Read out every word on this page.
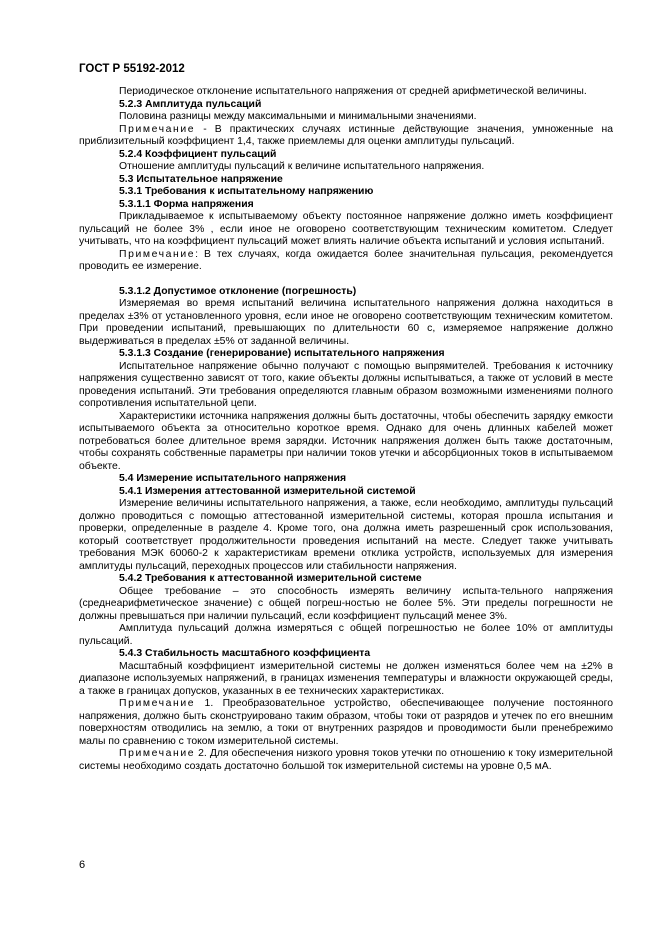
ГОСТ Р 55192-2012

Периодическое отклонение испытательного напряжения от средней арифметической величины.

5.2.3 Амплитуда пульсаций

Половина разницы между максимальными и минимальными значениями.

Примечание - В практических случаях истинные действующие значения, умноженные на приблизительный коэффициент 1,4, также приемлемы для оценки амплитуды пульсаций.

5.2.4 Коэффициент пульсаций

Отношение амплитуды пульсаций к величине испытательного напряжения.

5.3 Испытательное напряжение

5.3.1 Требования к испытательному напряжению

5.3.1.1 Форма напряжения

Прикладываемое к испытываемому объекту постоянное напряжение должно иметь коэффициент пульсаций не более 3% , если иное не оговорено соответствующим техническим комитетом. Следует учитывать, что на коэффициент пульсаций может влиять наличие объекта испытаний и условия испытаний.

Примечание: В тех случаях, когда ожидается более значительная пульсация, рекомендуется проводить ее измерение.

5.3.1.2 Допустимое отклонение (погрешность)

Измеряемая во время испытаний величина испытательного напряжения должна находиться в пределах ±3% от установленного уровня, если иное не оговорено соответствующим техническим комитетом. При проведении испытаний, превышающих по длительности 60 с, измеряемое напряжение должно выдерживаться в пределах ±5% от заданной величины.

5.3.1.3 Создание (генерирование) испытательного напряжения

Испытательное напряжение обычно получают с помощью выпрямителей. Требования к источнику напряжения существенно зависят от того, какие объекты должны испытываться, а также от условий в месте проведения испытаний. Эти требования определяются главным образом возможными изменениями полного сопротивления испытательной цепи.

Характеристики источника напряжения должны быть достаточны, чтобы обеспечить зарядку емкости испытываемого объекта за относительно короткое время. Однако для очень длинных кабелей может потребоваться более длительное время зарядки. Источник напряжения должен быть также достаточным, чтобы сохранять собственные параметры при наличии токов утечки и абсорбционных токов в испытываемом объекте.

5.4 Измерение испытательного напряжения

5.4.1 Измерения аттестованной измерительной системой

Измерение величины испытательного напряжения, а также, если необходимо, амплитуды пульсаций должно проводиться с помощью аттестованной измерительной системы, которая прошла испытания и проверки, определенные в разделе 4. Кроме того, она должна иметь разрешенный срок использования, который соответствует продолжительности проведения испытаний на месте. Следует также учитывать требования МЭК 60060-2 к характеристикам времени отклика устройств, используемых для измерения амплитуды пульсаций, переходных процессов или стабильности напряжения.

5.4.2 Требования к аттестованной измерительной системе

Общее требование – это способность измерять величину испыта-тельного напряжения (среднеарифметическое значение) с общей погреш-ностью не более 5%. Эти пределы погрешности не должны превышаться при наличии пульсаций, если коэффициент пульсаций менее 3%.

Амплитуда пульсаций должна измеряться с общей погрешностью не более 10% от амплитуды пульсаций.

5.4.3 Стабильность масштабного коэффициента

Масштабный коэффициент измерительной системы не должен изменяться более чем на ±2% в диапазоне используемых напряжений, в границах изменения температуры и влажности окружающей среды, а также в границах допусков, указанных в ее технических характеристиках.

Примечание 1. Преобразовательное устройство, обеспечивающее получение постоянного напряжения, должно быть сконструировано таким образом, чтобы токи от разрядов и утечек по его внешним поверхностям отводились на землю, а токи от внутренних разрядов и проводимости были пренебрежимо малы по сравнению с током измерительной системы.

Примечание 2. Для обеспечения низкого уровня токов утечки по отношению к току измерительной системы необходимо создать достаточно большой ток измерительной системы на уровне 0,5 мА.

6
